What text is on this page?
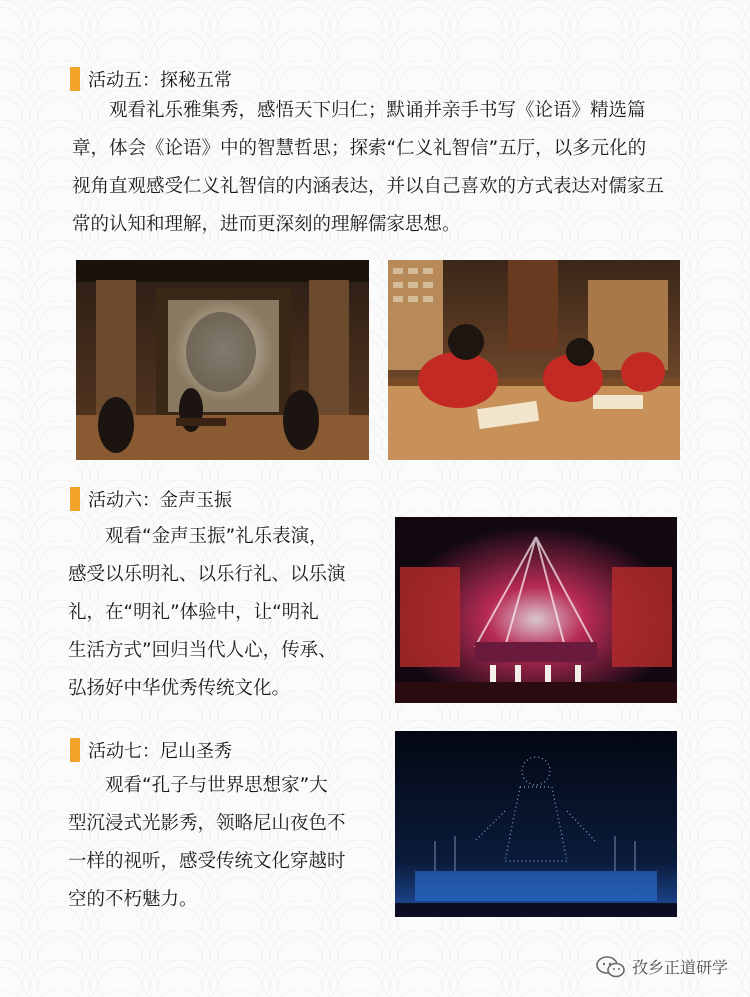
活动五：探秘五常
观看礼乐雅集秀，感悟天下归仁；默诵并亲手书写《论语》精选篇
章，体会《论语》中的智慧哲思；探索“仁义礼智信”五厅，以多元化的
视角直观感受仁义礼智信的内涵表达，并以自己喜欢的方式表达对儒家五
常的认知和理解，进而更深刻的理解儒家思想。
活动六：金声玉振
观看“金声玉振”礼乐表演，
感受以乐明礼、以乐行礼、以乐演
礼，在“明礼”体验中，让“明礼
生活方式”回归当代人心，传承、
弘扬好中华优秀传统文化。
活动七：尼山圣秀
观看“孔子与世界思想家”大
型沉浸式光影秀，领略尼山夜色不
一样的视听，感受传统文化穿越时
空的不朽魅力。
孜乡正道研学
